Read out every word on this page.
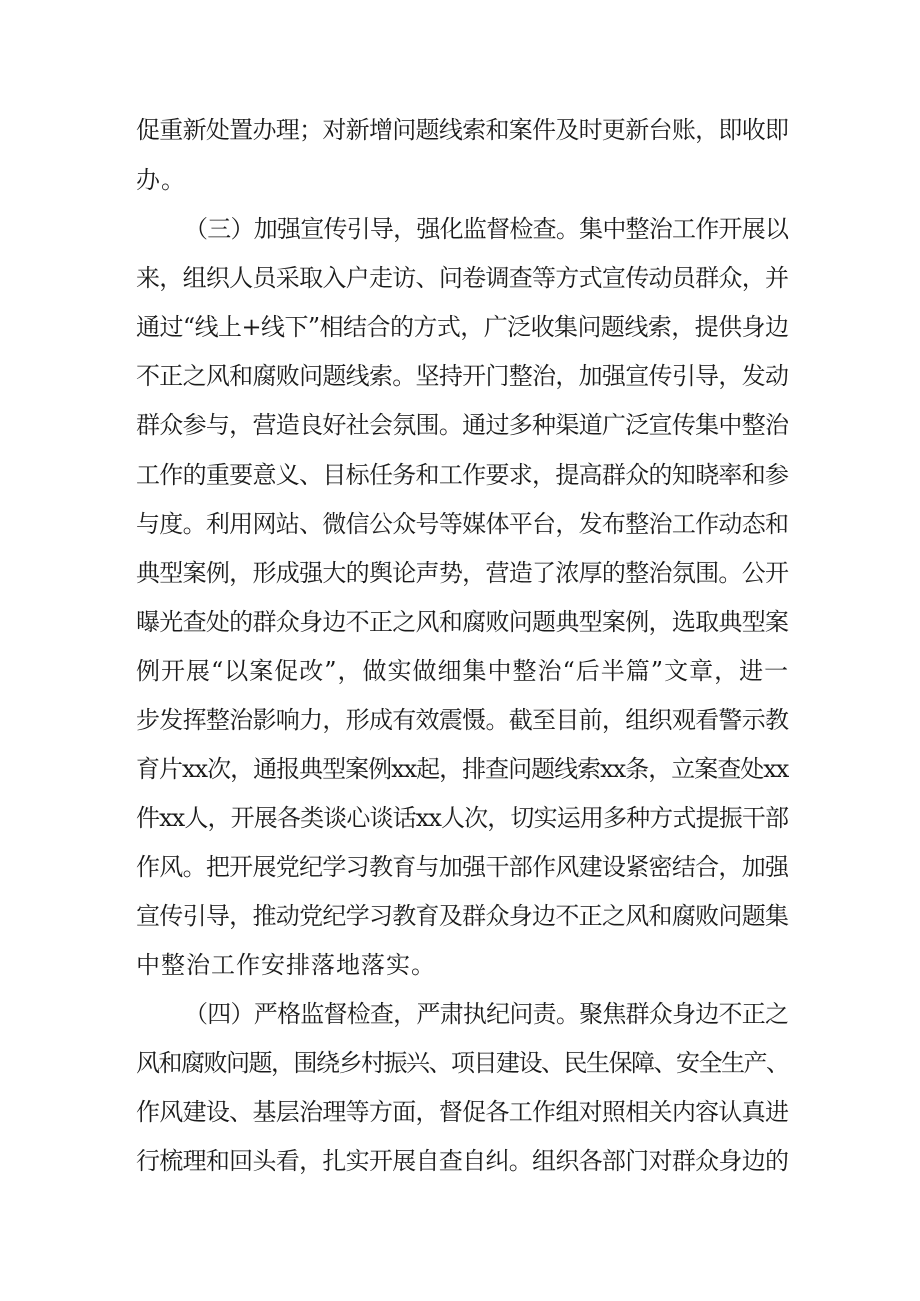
促重新处置办理；对新增问题线索和案件及时更新台账，即收即
办。
（三）加强宣传引导，强化监督检查。集中整治工作开展以
来，组织人员采取入户走访、问卷调查等方式宣传动员群众，并
通过“线上+线下”相结合的方式，广泛收集问题线索，提供身边
不正之风和腐败问题线索。坚持开门整治，加强宣传引导，发动
群众参与，营造良好社会氛围。通过多种渠道广泛宣传集中整治
工作的重要意义、目标任务和工作要求，提高群众的知晓率和参
与度。利用网站、微信公众号等媒体平台，发布整治工作动态和
典型案例，形成强大的舆论声势，营造了浓厚的整治氛围。公开
曝光查处的群众身边不正之风和腐败问题典型案例，选取典型案
例开展“以案促改”，做实做细集中整治“后半篇”文章，进一
步发挥整治影响力，形成有效震慑。截至目前，组织观看警示教
育片xx次，通报典型案例xx起，排查问题线索xx条，立案查处xx
件xx人，开展各类谈心谈话xx人次，切实运用多种方式提振干部
作风。把开展党纪学习教育与加强干部作风建设紧密结合，加强
宣传引导，推动党纪学习教育及群众身边不正之风和腐败问题集
中整治工作安排落地落实。
（四）严格监督检查，严肃执纪问责。聚焦群众身边不正之
风和腐败问题，围绕乡村振兴、项目建设、民生保障、安全生产、
作风建设、基层治理等方面，督促各工作组对照相关内容认真进
行梳理和回头看，扎实开展自查自纠。组织各部门对群众身边的
